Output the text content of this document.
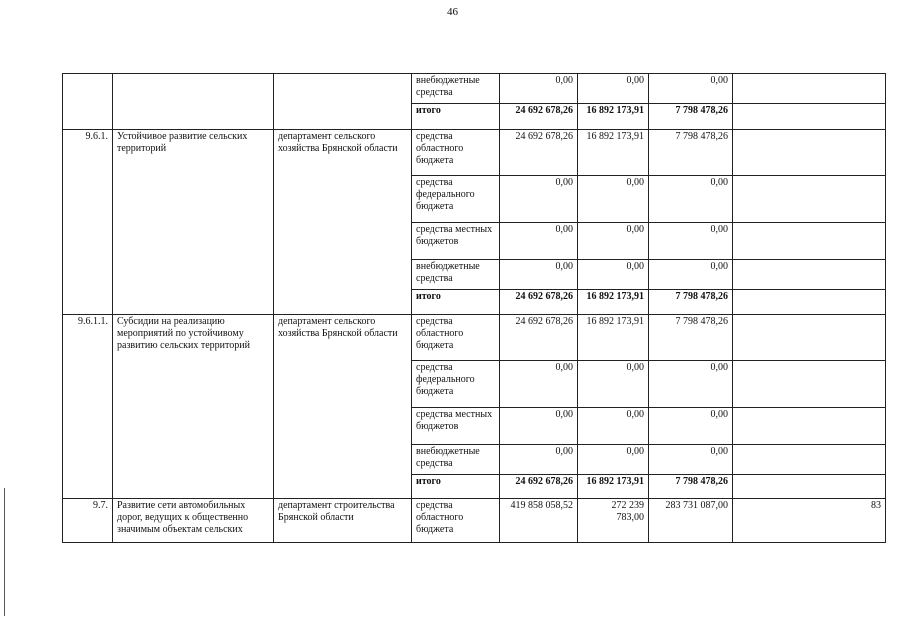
46
			внебюджетные средства	0,00	0,00	0,00	
			итого	24 692 678,26	16 892 173,91	7 798 478,26	
9.6.1.	Устойчивое развитие сельских территорий	департамент сельского хозяйства Брянской области	средства областного бюджета	24 692 678,26	16 892 173,91	7 798 478,26	
			средства федерального бюджета	0,00	0,00	0,00	
			средства местных бюджетов	0,00	0,00	0,00	
			внебюджетные средства	0,00	0,00	0,00	
			итого	24 692 678,26	16 892 173,91	7 798 478,26	
9.6.1.1.	Субсидии на реализацию мероприятий по устойчивому развитию сельских территорий	департамент сельского хозяйства Брянской области	средства областного бюджета	24 692 678,26	16 892 173,91	7 798 478,26	
			средства федерального бюджета	0,00	0,00	0,00	
			средства местных бюджетов	0,00	0,00	0,00	
			внебюджетные средства	0,00	0,00	0,00	
			итого	24 692 678,26	16 892 173,91	7 798 478,26	
9.7.	Развитие сети автомобильных дорог, ведущих к общественно значимым объектам сельских	департамент строительства Брянской области	средства областного бюджета	419 858 058,52	272 239 783,00	283 731 087,00	83
